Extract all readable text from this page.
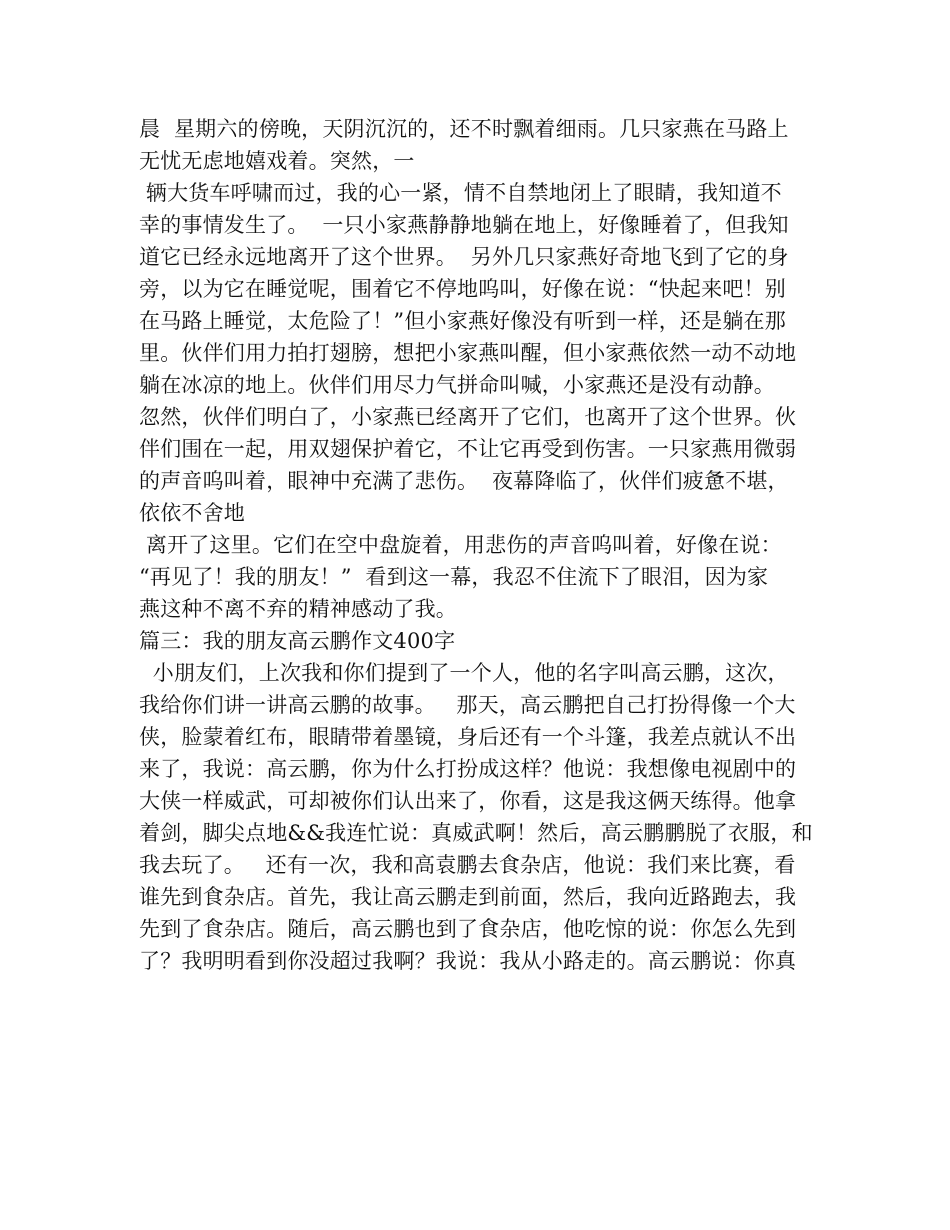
晨  星期六的傍晚，天阴沉沉的，还不时飘着细雨。几只家燕在马路上
无忧无虑地嬉戏着。突然，一
辆大货车呼啸而过，我的心一紧，情不自禁地闭上了眼睛，我知道不
幸的事情发生了。  一只小家燕静静地躺在地上，好像睡着了，但我知
道它已经永远地离开了这个世界。  另外几只家燕好奇地飞到了它的身
旁，以为它在睡觉呢，围着它不停地呜叫，好像在说：“快起来吧！别
在马路上睡觉，太危险了！”但小家燕好像没有听到一样，还是躺在那
里。伙伴们用力拍打翅膀，想把小家燕叫醒，但小家燕依然一动不动地
躺在冰凉的地上。伙伴们用尽力气拼命叫喊，小家燕还是没有动静。
忽然，伙伴们明白了，小家燕已经离开了它们，也离开了这个世界。伙
伴们围在一起，用双翅保护着它，不让它再受到伤害。一只家燕用微弱
的声音呜叫着，眼神中充满了悲伤。  夜幕降临了，伙伴们疲惫不堪，
依依不舍地
离开了这里。它们在空中盘旋着，用悲伤的声音呜叫着，好像在说：
“再见了！我的朋友！”  看到这一幕，我忍不住流下了眼泪，因为家
燕这种不离不弃的精神感动了我。
篇三：我的朋友高云鹏作文400字
小朋友们，上次我和你们提到了一个人，他的名字叫高云鹏，这次，
我给你们讲一讲高云鹏的故事。   那天，高云鹏把自己打扮得像一个大
侠，脸蒙着红布，眼睛带着墨镜，身后还有一个斗篷，我差点就认不出
来了，我说：高云鹏，你为什么打扮成这样？他说：我想像电视剧中的
大侠一样威武，可却被你们认出来了，你看，这是我这俩天练得。他拿
着剑，脚尖点地&&我连忙说：真威武啊！然后，高云鹏鹏脱了衣服，和
我去玩了。   还有一次，我和高袁鹏去食杂店，他说：我们来比赛，看
谁先到食杂店。首先，我让高云鹏走到前面，然后，我向近路跑去，我
先到了食杂店。随后，高云鹏也到了食杂店，他吃惊的说：你怎么先到
了？我明明看到你没超过我啊？我说：我从小路走的。高云鹏说：你真
